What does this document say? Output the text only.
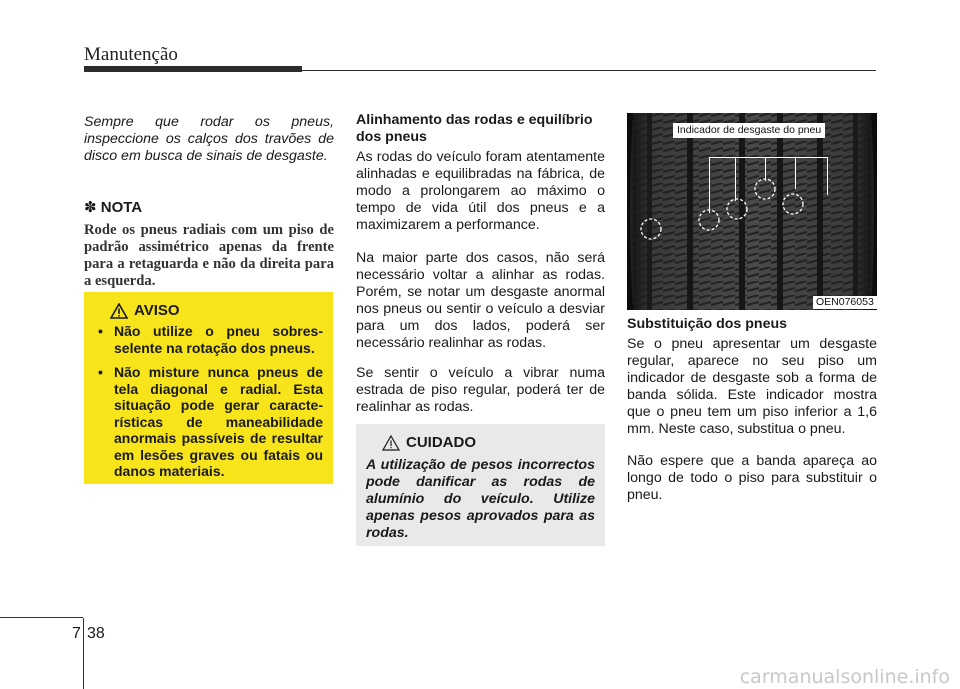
Manutenção

Sempre que rodar os pneus, inspeccione os calços dos travões de disco em busca de sinais de desgaste.

✽ NOTA

Rode os pneus radiais com um piso de padrão assimétrico apenas da frente para a retaguarda e não da direita para a esquerda.

AVISO
• Não utilize o pneu sobres- selente na rotação dos pneus.
• Não misture nunca pneus de tela diagonal e radial. Esta situação pode gerar caracte- rísticas de maneabilidade anormais passíveis de resultar em lesões graves ou fatais ou danos materiais.

Alinhamento das rodas e equilíbrio dos pneus

As rodas do veículo foram atentamente alinhadas e equilibradas na fábrica, de modo a prolongarem ao máximo o tempo de vida útil dos pneus e a maximizarem a performance.

Na maior parte dos casos, não será necessário voltar a alinhar as rodas. Porém, se notar um desgaste anormal nos pneus ou sentir o veículo a desviar para um dos lados, poderá ser necessário realinhar as rodas.

Se sentir o veículo a vibrar numa estrada de piso regular, poderá ter de realinhar as rodas.

CUIDADO

A utilização de pesos incorrectos pode danificar as rodas de alumínio do veículo. Utilize apenas pesos aprovados para as rodas.

Indicador de desgaste do pneu
OEN076053

Substituição dos pneus

Se o pneu apresentar um desgaste regular, aparece no seu piso um indicador de desgaste sob a forma de banda sólida. Este indicador mostra que o pneu tem um piso inferior a 1,6 mm. Neste caso, substitua o pneu.

Não espere que a banda apareça ao longo de todo o piso para substituir o pneu.

7 38
carmanualsonline.info
